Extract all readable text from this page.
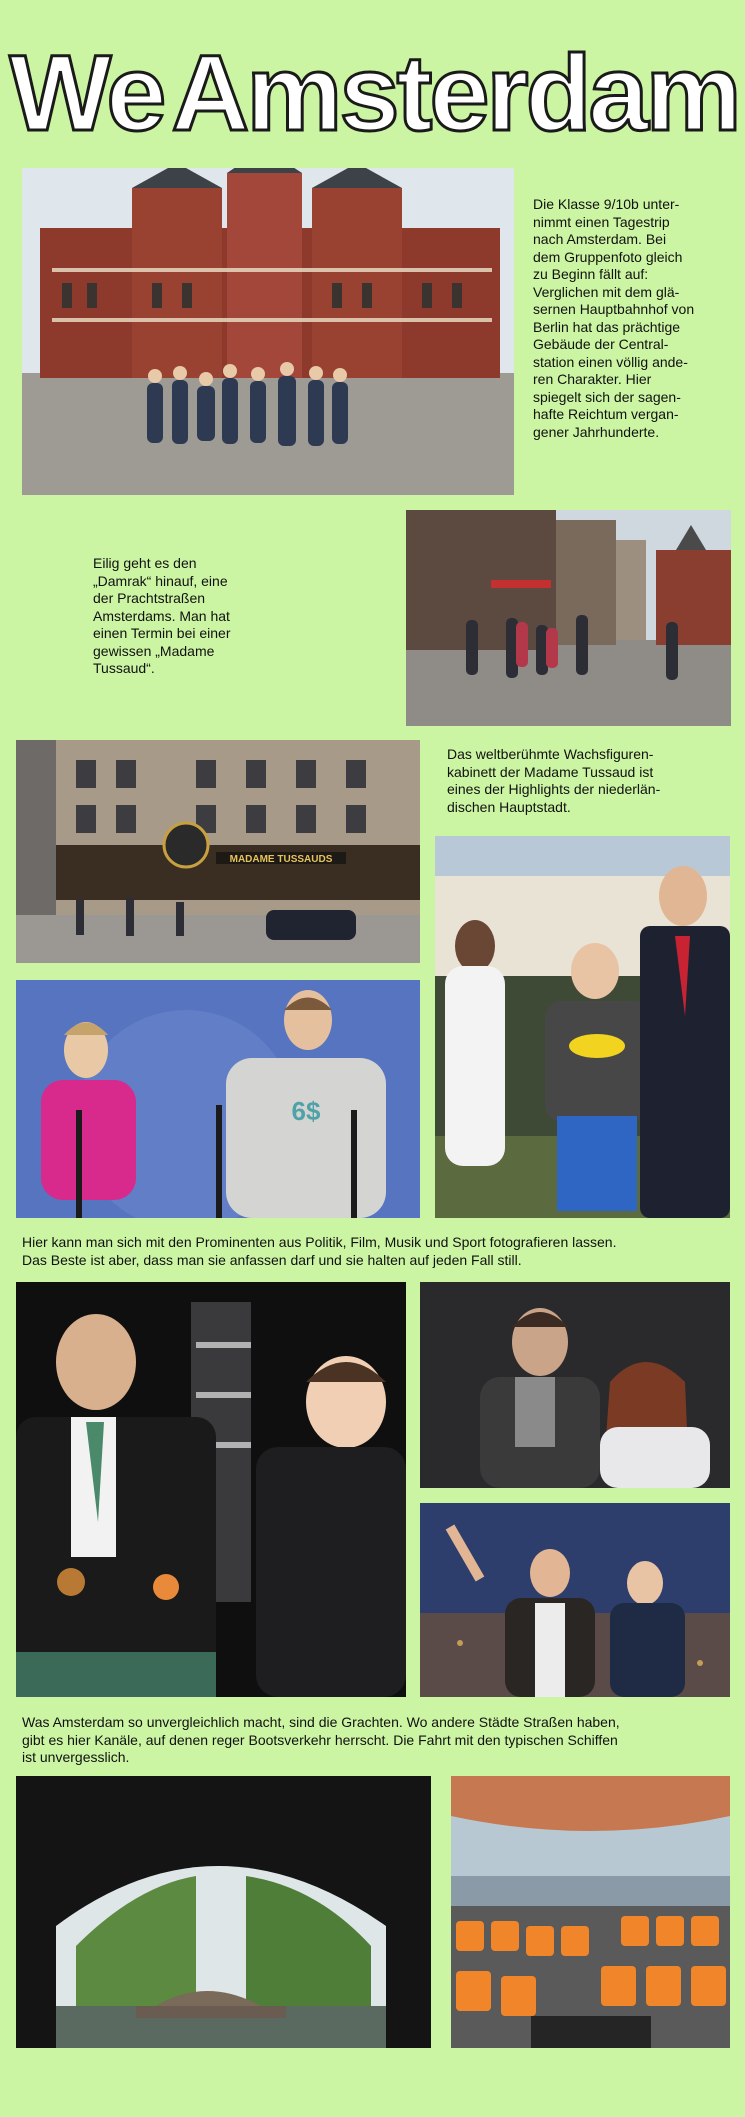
We Amsterdam
Die Klasse 9/10b unter-
nimmt einen Tagestrip
nach Amsterdam. Bei
dem Gruppenfoto gleich
zu Beginn fällt auf:
Verglichen mit dem glä-
sernen Hauptbahnhof von
Berlin hat das prächtige
Gebäude der Central-
station einen völlig ande-
ren Charakter. Hier
spiegelt sich der sagen-
hafte Reichtum vergan-
gener Jahrhunderte.
Eilig geht es den
„Damrak“ hinauf, eine
der Prachtstraßen
Amsterdams. Man hat
einen Termin bei einer
gewissen „Madame
Tussaud“.
MADAME TUSSAUDS
Das weltberühmte Wachsfiguren-
kabinett der Madame Tussaud ist
eines der Highlights der niederlän-
dischen Hauptstadt.
6$
Hier kann man sich mit den Prominenten aus Politik, Film, Musik und Sport fotografieren lassen.
Das Beste ist aber, dass man sie anfassen darf und sie halten auf jeden Fall still.
Was Amsterdam so unvergleichlich macht, sind die Grachten. Wo andere Städte Straßen haben,
gibt es hier Kanäle, auf denen reger Bootsverkehr herrscht. Die Fahrt mit den typischen Schiffen
ist unvergesslich.
